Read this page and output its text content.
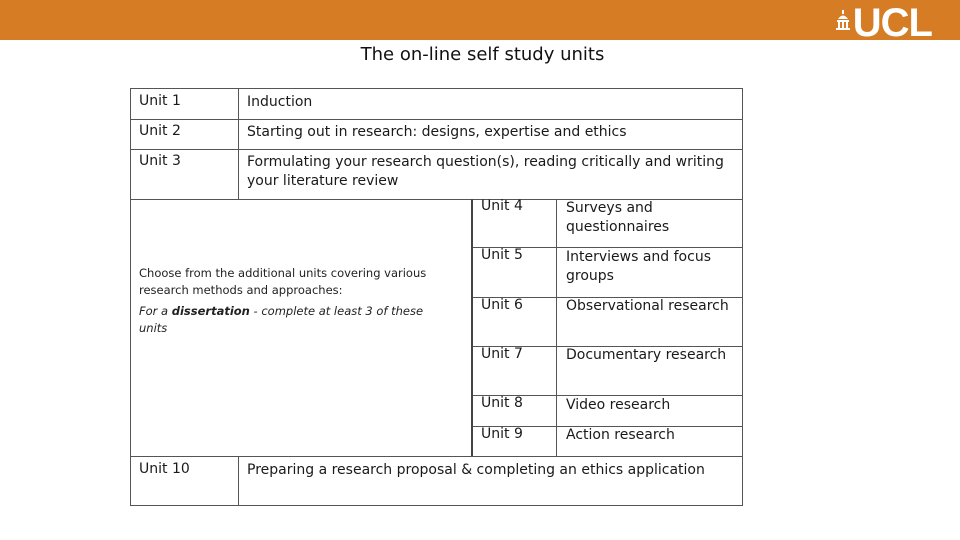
UCL
The on-line self study units
Unit 1	Induction
Unit 2	Starting out in research: designs, expertise and ethics
Unit 3	Formulating your research question(s), reading critically and writing your literature review
Choose from the additional units covering various research methods and approaches:
For a dissertation - complete at least 3 of these units
Unit 4	Surveys and questionnaires
Unit 5	Interviews and focus groups
Unit 6	Observational research
Unit 7	Documentary research
Unit 8	Video research
Unit 9	Action research
Unit 10	Preparing a research proposal & completing an ethics application
